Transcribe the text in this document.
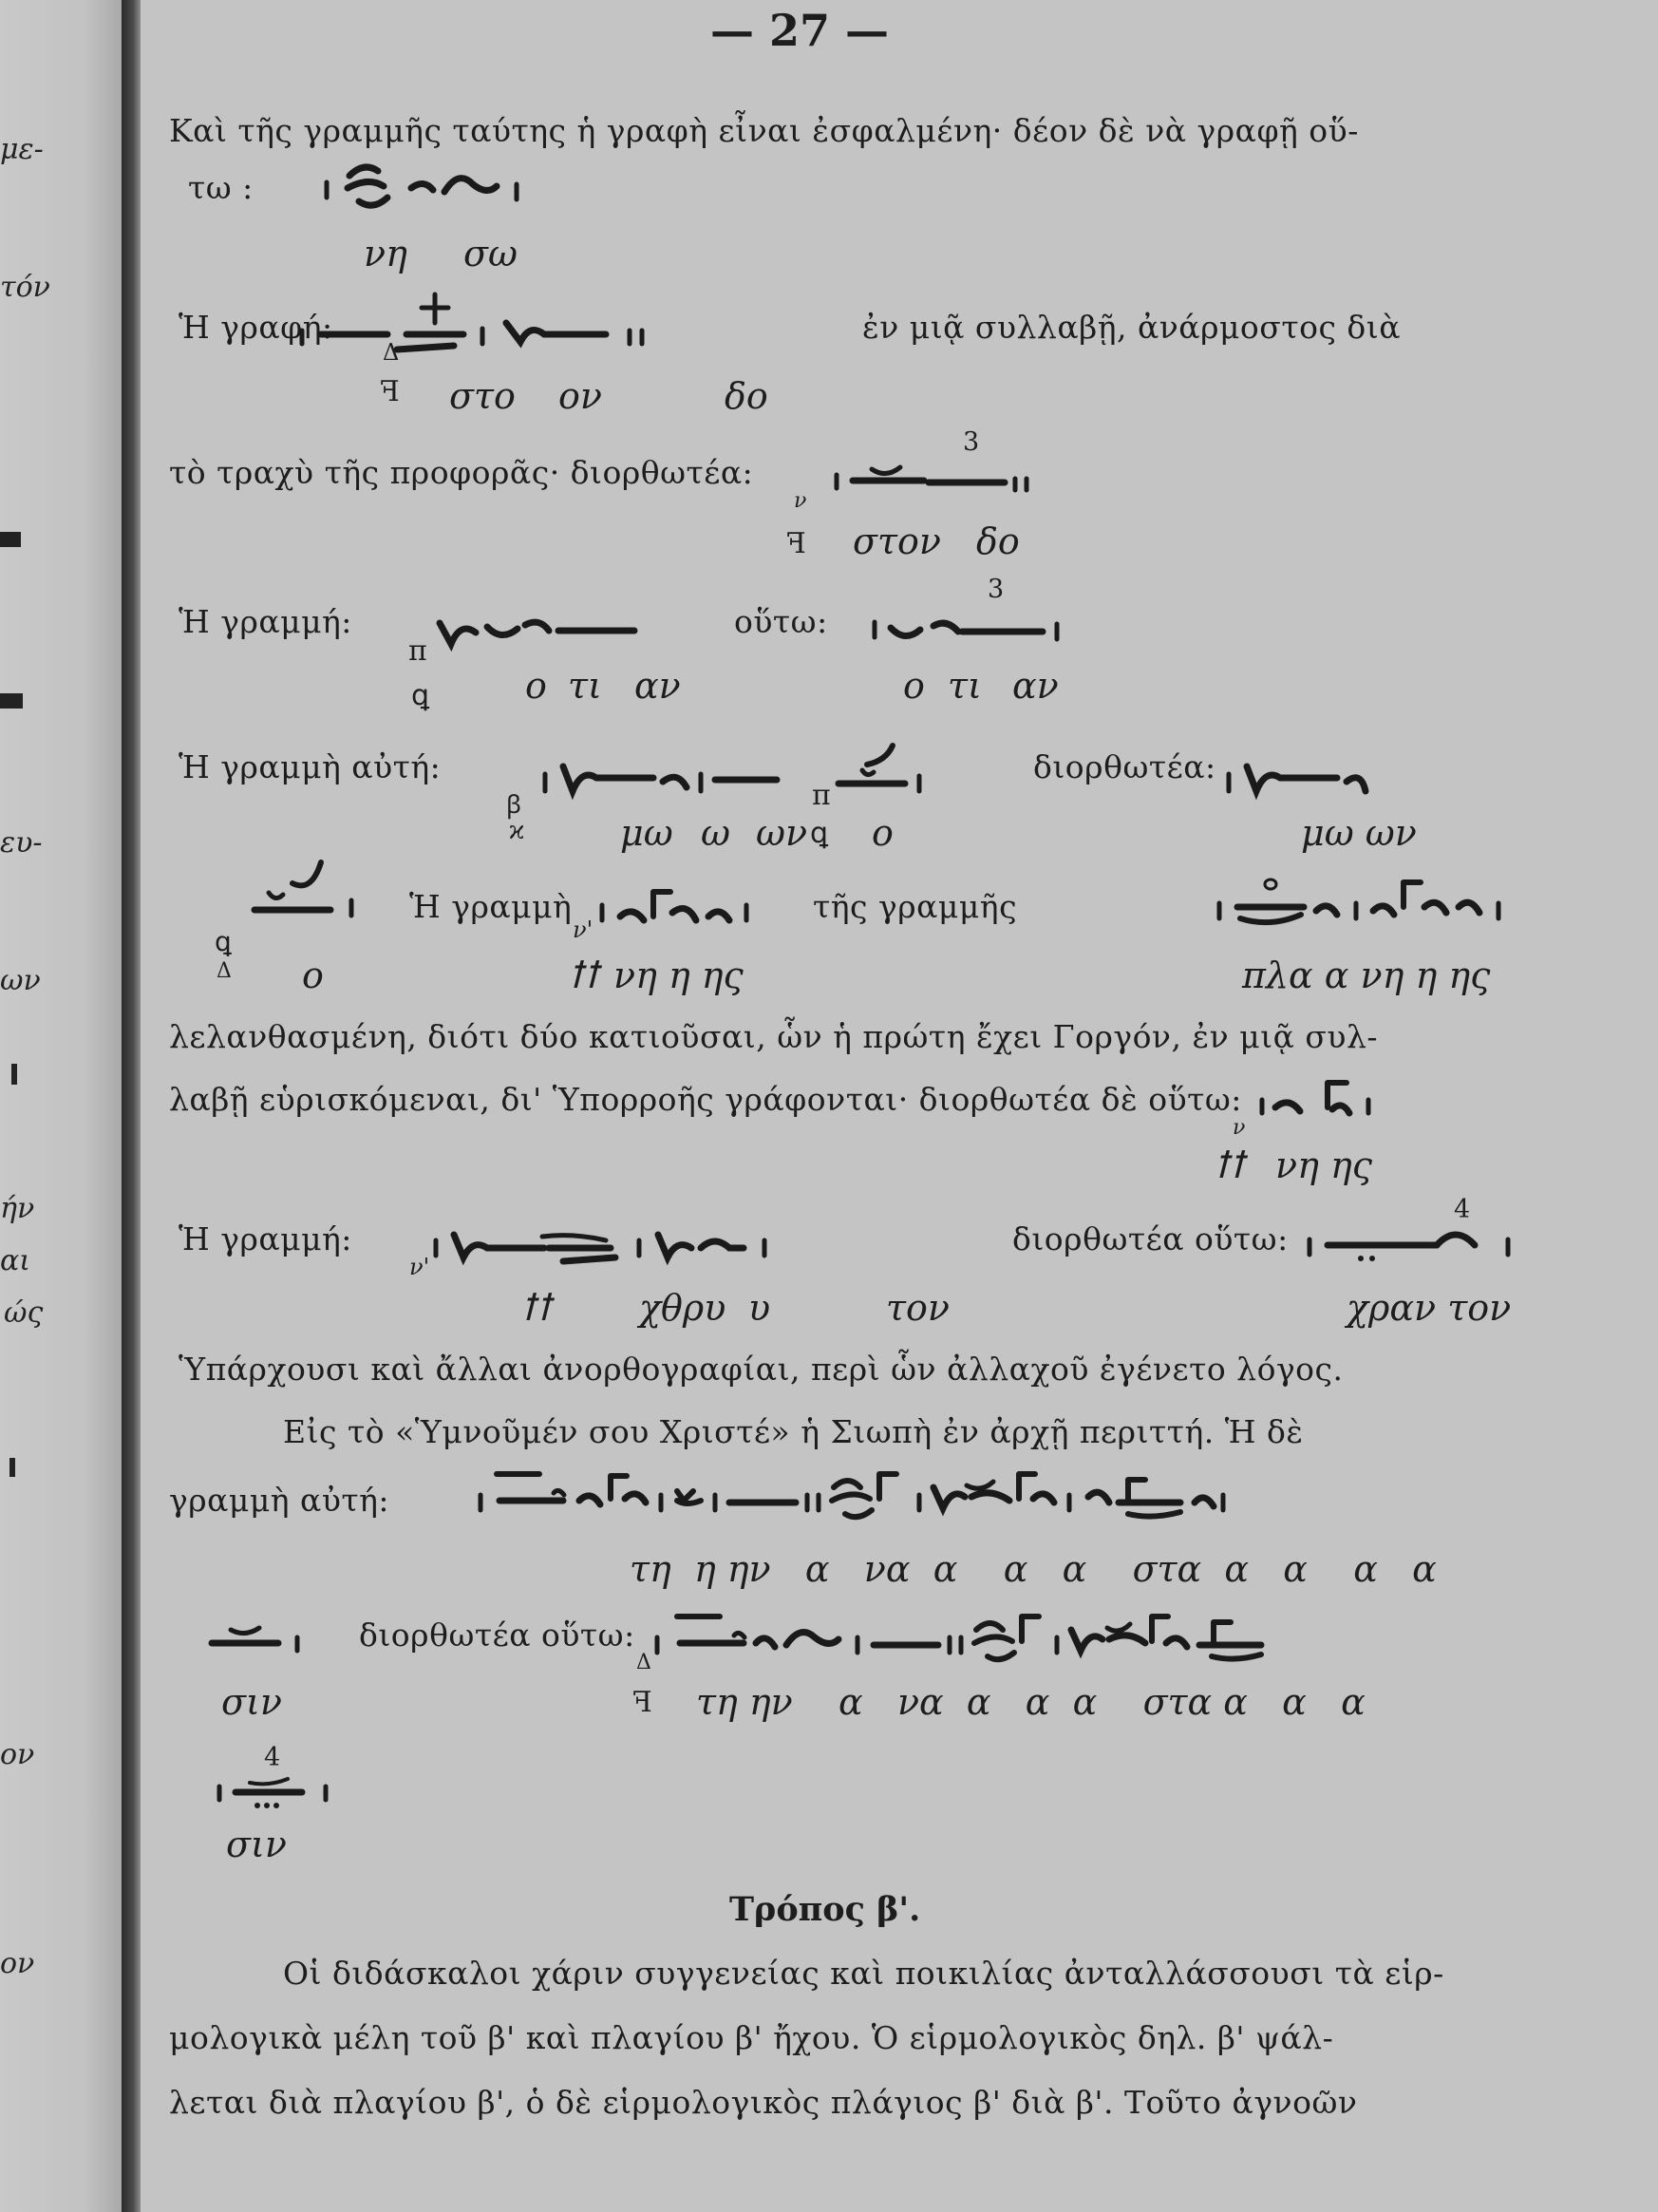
με-
τόν
ευ-
ων
ήν
αι
ώς
ον
ον
— 27 —
Καὶ τῆς γραμμῆς ταύτης ἡ γραφὴ εἶναι ἐσφαλμένη· δέον δὲ νὰ γραφῇ οὕ-
τω :
νη σω
Ἡ γραφή:
Δ
ꟻ στο ον	δο
ἐν μιᾷ συλλαβῇ, ἀνάρμοστος διὰ
τὸ τραχὺ τῆς προφορᾶς· διορθωτέα:
ν
3
ꟻ στον δο
Ἡ γραμμή:
π
ꝗ	ο τι αν
οὕτω:
3
ο τι αν
Ἡ γραμμὴ αὐτή:
ꞵ
ϰ
π
ꝗ
μω ω ων ο
διορθωτέα:
μω ων
ꝗ
Δ ο
Ἡ γραμμὴ
ν'
ꝉꝉ νη η ης
τῆς γραμμῆς
πλα α νη η ης
λελανθασμένη, διότι δύο κατιοῦσαι, ὧν ἡ πρώτη ἔχει Γοργόν, ἐν μιᾷ συλ-
λαβῇ εὑρισκόμεναι, δι' Ὑπορροῆς γράφονται· διορθωτέα δὲ οὕτω:
ν
ꝉꝉ νη ης
Ἡ γραμμή:
ν'
ꝉꝉ χθρυ υ	τον
διορθωτέα οὕτω:
4
χραν τον
Ὑπάρχουσι καὶ ἄλλαι ἀνορθογραφίαι, περὶ ὧν ἀλλαχοῦ ἐγένετο λόγος.
Εἰς τὸ «Ὑμνοῦμέν σου Χριστέ» ἡ Σιωπὴ ἐν ἀρχῇ περιττή. Ἡ δὲ
γραμμὴ αὐτή:
τη  η ην   α   να  α    α   α    στα  α   α    α   α
σιν
διορθωτέα οὕτω:
Δ
ꟻ τη ην    α   να  α   α  α    στα α   α   α
4
σιν
Τρόπος β'.
Οἱ διδάσκαλοι χάριν συγγενείας καὶ ποικιλίας ἀνταλλάσσουσι τὰ εἱρ-
μολογικὰ μέλη τοῦ β' καὶ πλαγίου β' ἤχου. Ὁ εἱρμολογικὸς δηλ. β' ψάλ-
λεται διὰ πλαγίου β', ὁ δὲ εἱρμολογικὸς πλάγιος β' διὰ β'. Τοῦτο ἀγνοῶν
